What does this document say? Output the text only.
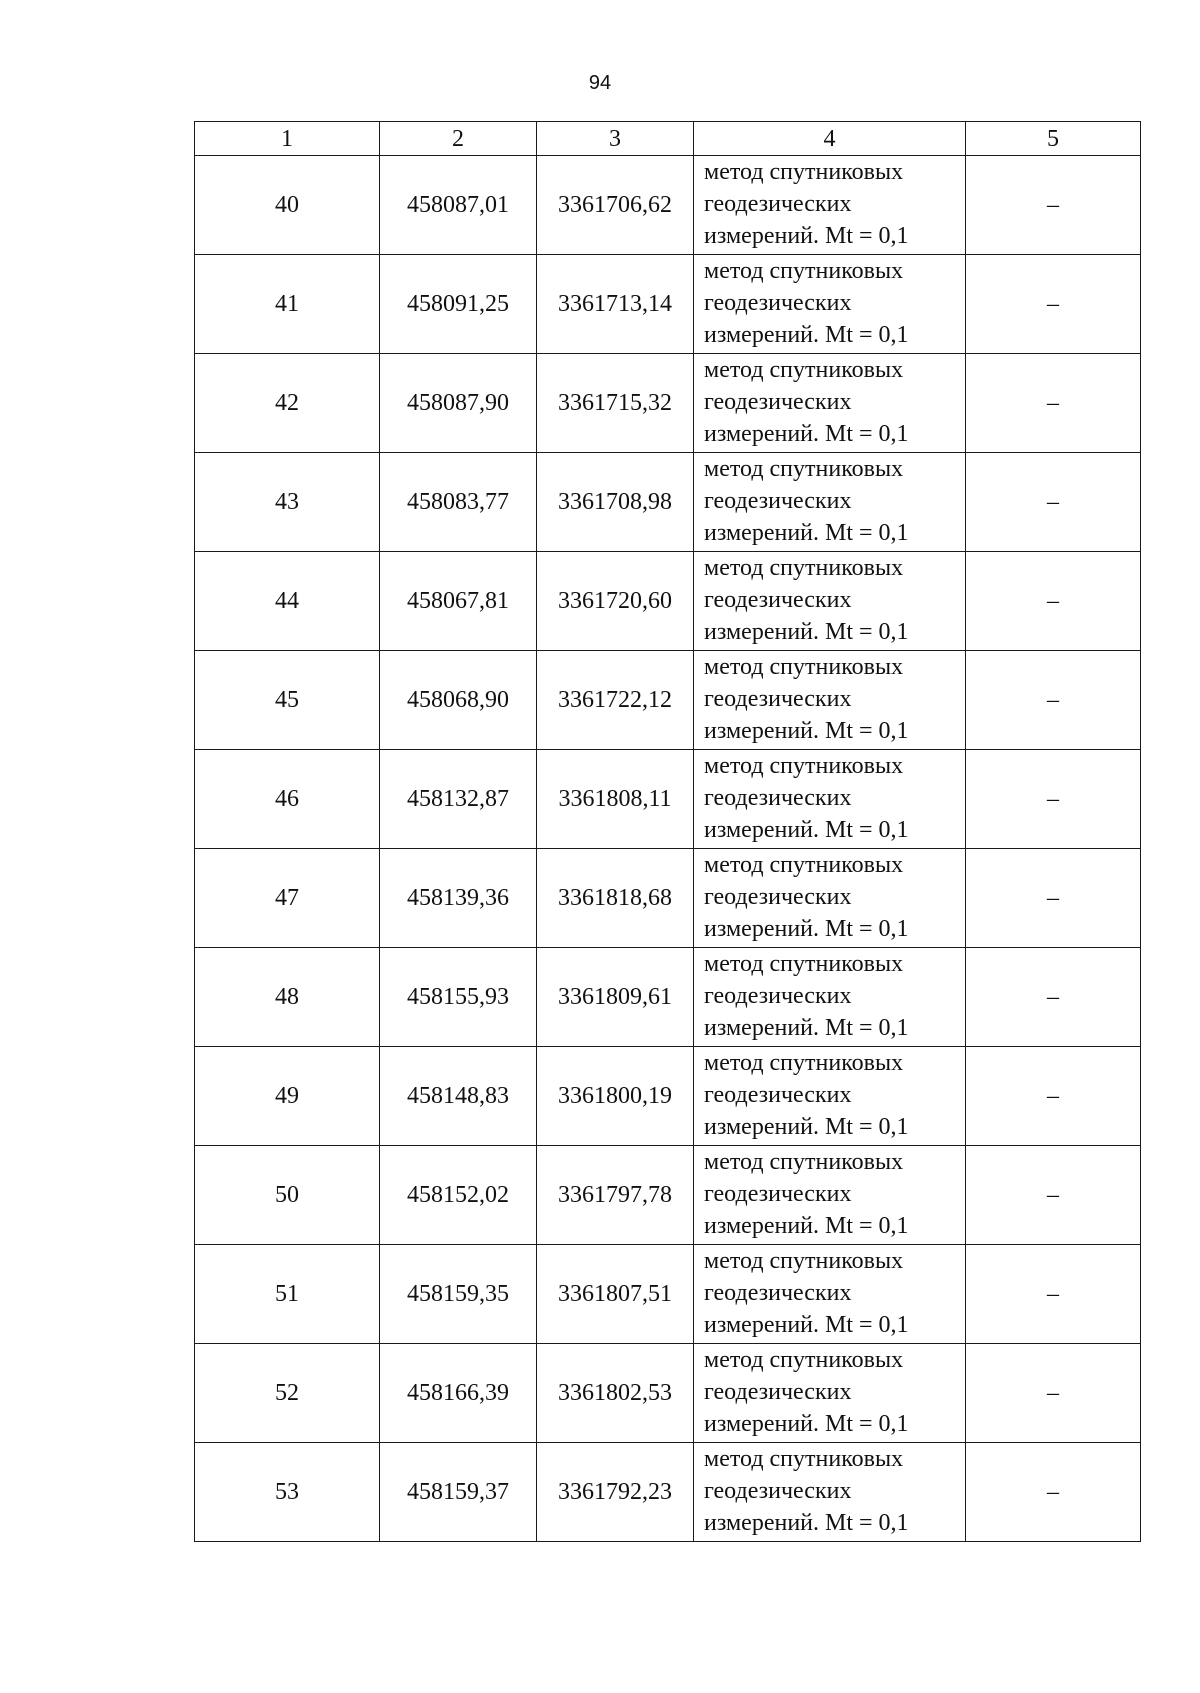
94
1	2	3	4	5
40	458087,01	3361706,62	метод спутниковых
геодезических
измерений. Mt = 0,1	–
41	458091,25	3361713,14	метод спутниковых
геодезических
измерений. Mt = 0,1	–
42	458087,90	3361715,32	метод спутниковых
геодезических
измерений. Mt = 0,1	–
43	458083,77	3361708,98	метод спутниковых
геодезических
измерений. Mt = 0,1	–
44	458067,81	3361720,60	метод спутниковых
геодезических
измерений. Mt = 0,1	–
45	458068,90	3361722,12	метод спутниковых
геодезических
измерений. Mt = 0,1	–
46	458132,87	3361808,11	метод спутниковых
геодезических
измерений. Mt = 0,1	–
47	458139,36	3361818,68	метод спутниковых
геодезических
измерений. Mt = 0,1	–
48	458155,93	3361809,61	метод спутниковых
геодезических
измерений. Mt = 0,1	–
49	458148,83	3361800,19	метод спутниковых
геодезических
измерений. Mt = 0,1	–
50	458152,02	3361797,78	метод спутниковых
геодезических
измерений. Mt = 0,1	–
51	458159,35	3361807,51	метод спутниковых
геодезических
измерений. Mt = 0,1	–
52	458166,39	3361802,53	метод спутниковых
геодезических
измерений. Mt = 0,1	–
53	458159,37	3361792,23	метод спутниковых
геодезических
измерений. Mt = 0,1	–
